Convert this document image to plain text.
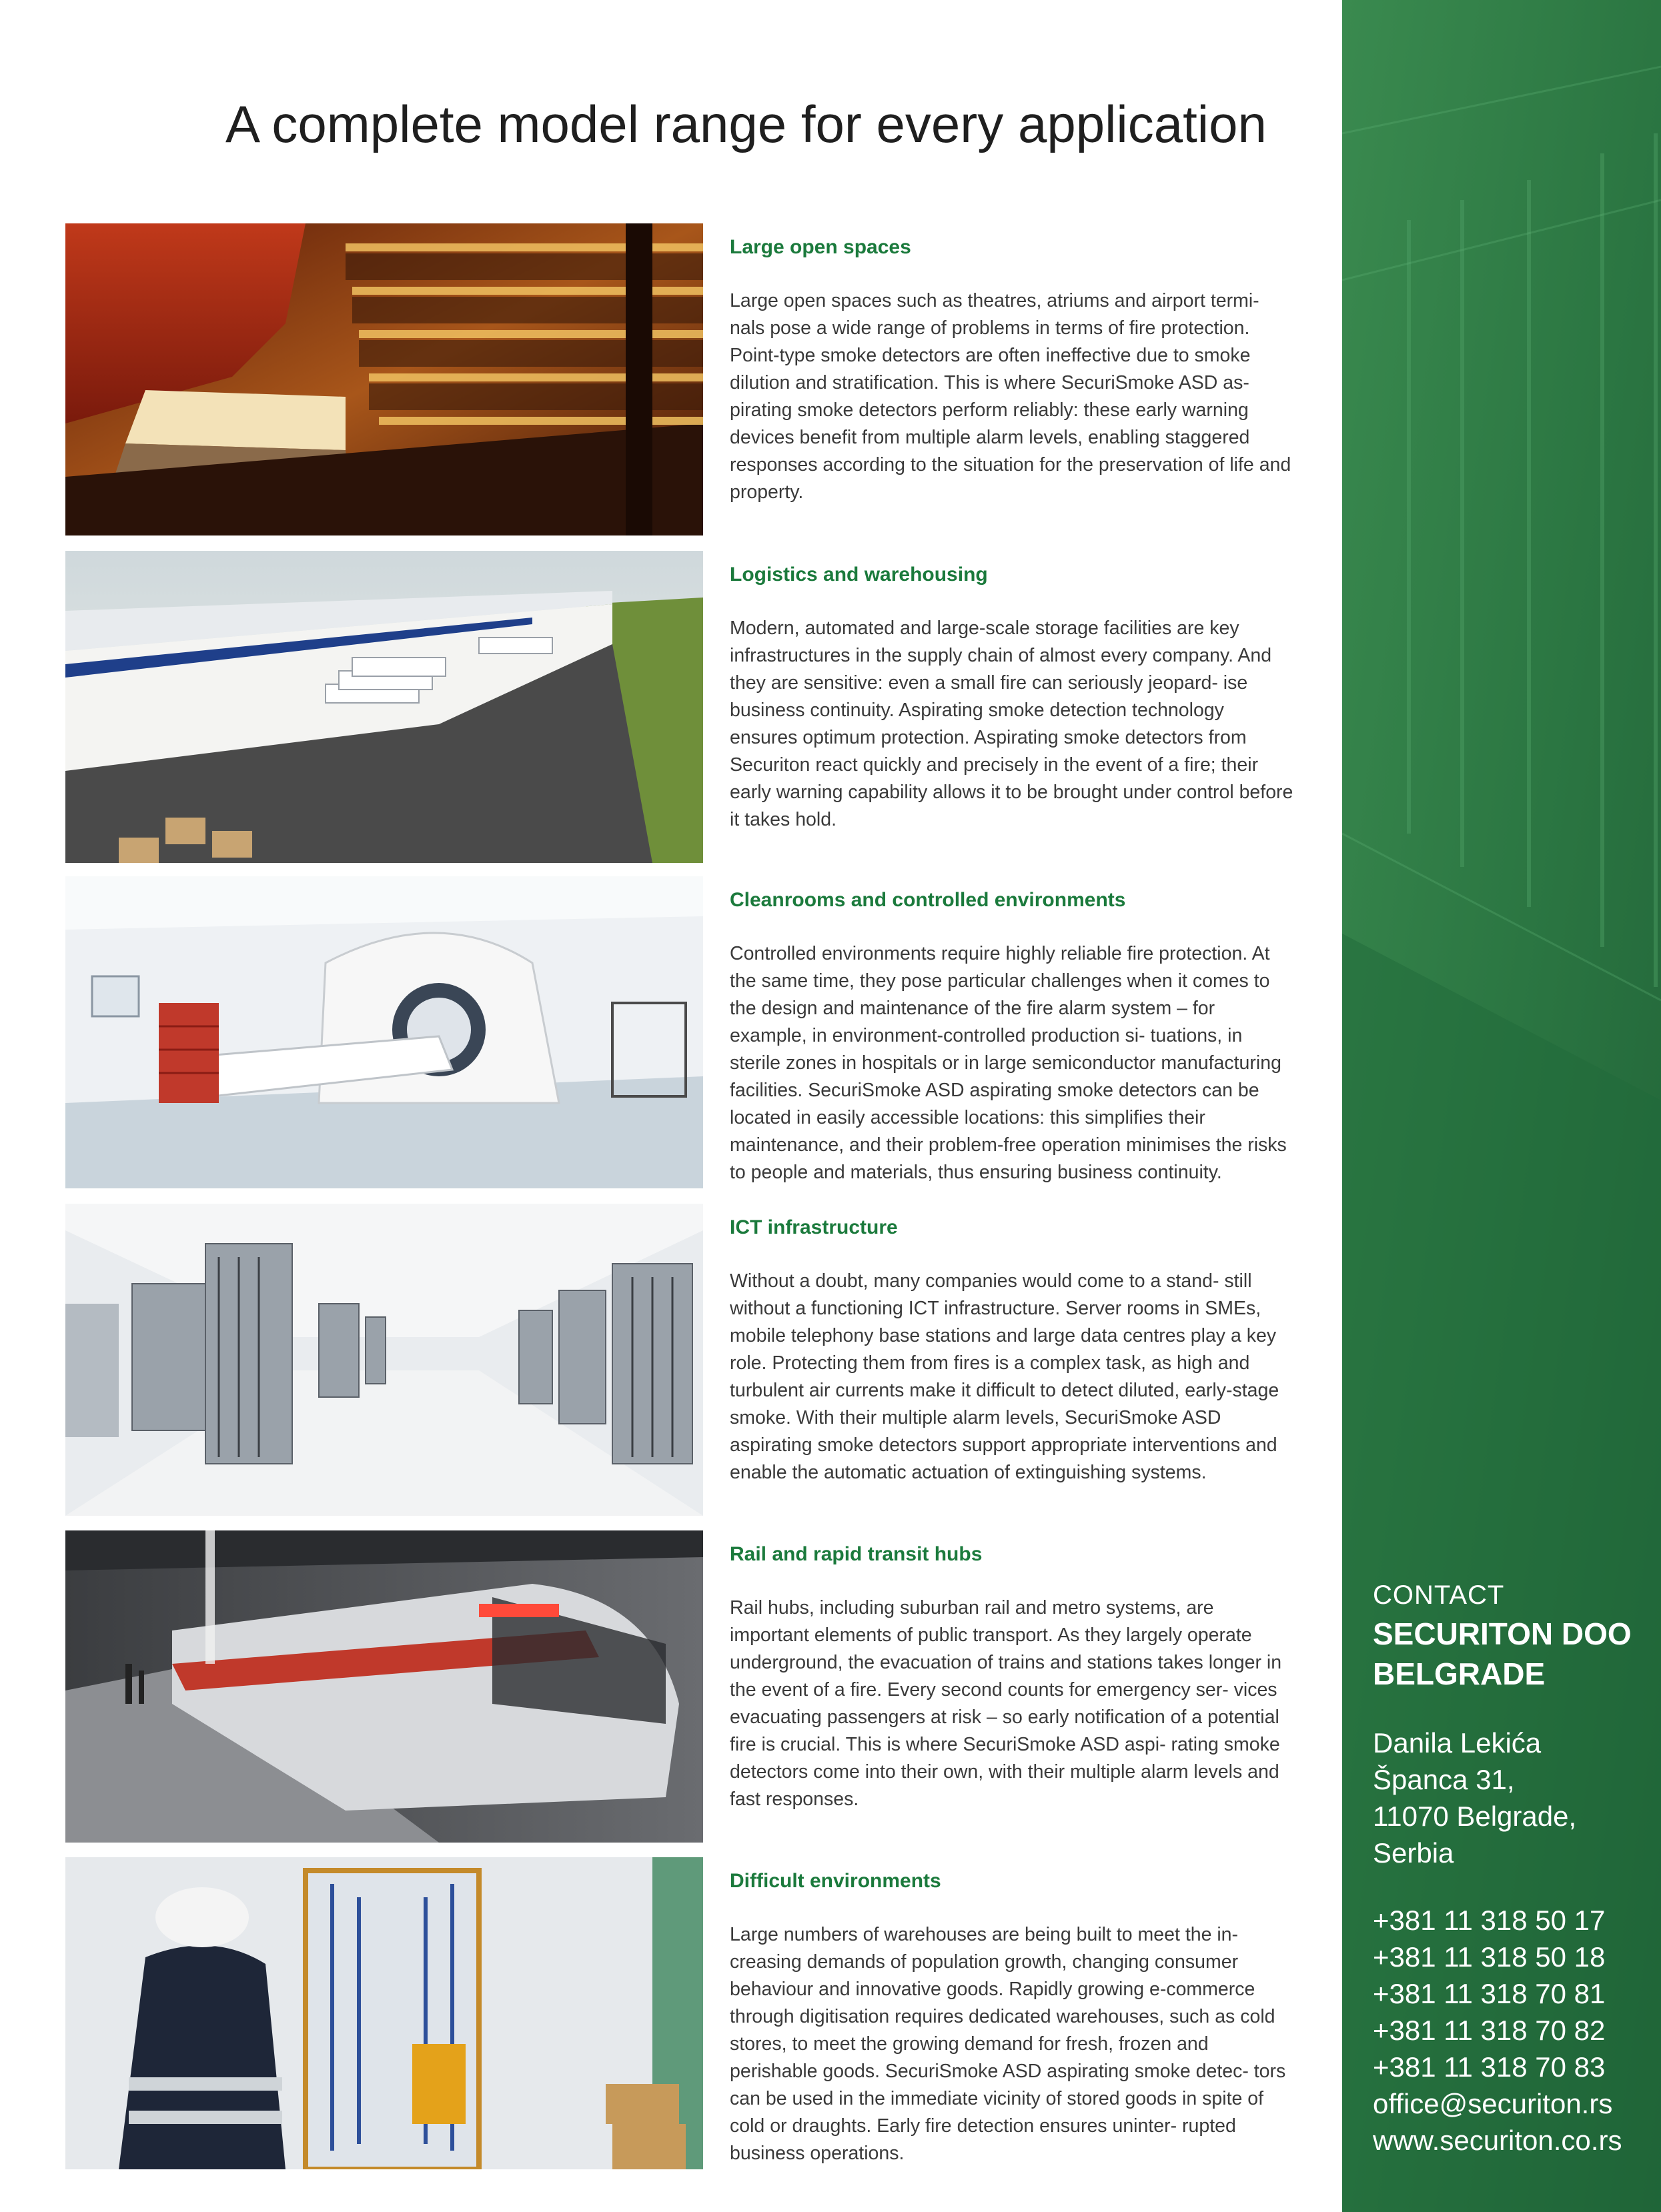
A complete model range for every application
Large open spaces
Large open spaces such as theatres, atriums and airport termi- nals pose a wide range of problems in terms of fire protection. Point-type smoke detectors are often ineffective due to smoke dilution and stratification. This is where SecuriSmoke ASD as- pirating smoke detectors perform reliably: these early warning devices benefit from multiple alarm levels, enabling staggered responses according to the situation for the preservation of life and property.
Logistics and warehousing
Modern, automated and large-scale storage facilities are key infrastructures in the supply chain of almost every company. And they are sensitive: even a small fire can seriously jeopard- ise business continuity. Aspirating smoke detection technology ensures optimum protection. Aspirating smoke detectors from Securiton react quickly and precisely in the event of a fire; their early warning capability allows it to be brought under control before it takes hold.
Cleanrooms and controlled environments
Controlled environments require highly reliable fire protection. At the same time, they pose particular challenges when it comes to the design and maintenance of the fire alarm system – for example, in environment-controlled production si- tuations, in sterile zones in hospitals or in large semiconductor manufacturing facilities. SecuriSmoke ASD aspirating smoke detectors can be located in easily accessible locations: this simplifies their maintenance, and their problem-free operation minimises the risks to people and materials, thus ensuring business continuity.
ICT infrastructure
Without a doubt, many companies would come to a stand- still without a functioning ICT infrastructure. Server rooms in SMEs, mobile telephony base stations and large data centres play a key role. Protecting them from fires is a complex task, as high and turbulent air currents make it difficult to detect diluted, early-stage smoke. With their multiple alarm levels, SecuriSmoke ASD aspirating smoke detectors support appropriate interventions and enable the automatic actuation of extinguishing systems.
Rail and rapid transit hubs
Rail hubs, including suburban rail and metro systems, are important elements of public transport. As they largely operate underground, the evacuation of trains and stations takes longer in the event of a fire. Every second counts for emergency ser- vices evacuating passengers at risk – so early notification of a potential fire is crucial. This is where SecuriSmoke ASD aspi- rating smoke detectors come into their own, with their multiple alarm levels and fast responses.
Difficult environments
Large numbers of warehouses are being built to meet the in- creasing demands of population growth, changing consumer behaviour and innovative goods. Rapidly growing e-commerce through digitisation requires dedicated warehouses, such as cold stores, to meet the growing demand for fresh, frozen and perishable goods. SecuriSmoke ASD aspirating smoke detec- tors can be used in the immediate vicinity of stored goods in spite of cold or draughts. Early fire detection ensures uninter- rupted business operations.
CONTACT
SECURITON DOO
BELGRADE
Danila Lekića
Španca 31,
11070 Belgrade,
Serbia
+381 11 318 50 17
+381 11 318 50 18
+381 11 318 70 81
+381 11 318 70 82
+381 11 318 70 83
office@securiton.rs
www.securiton.co.rs
